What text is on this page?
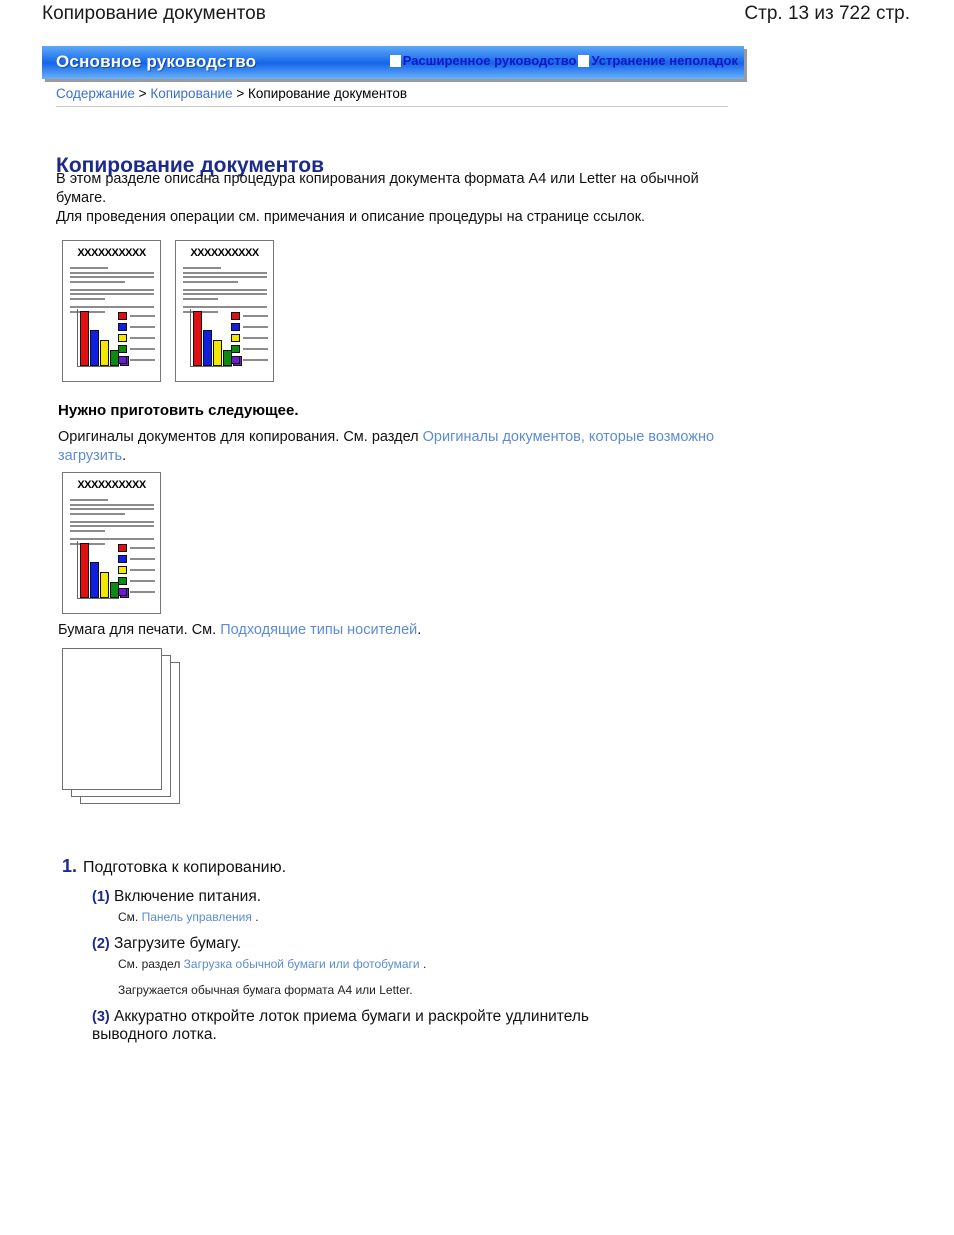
Копирование документов	Стр. 13 из 722 стр.
Основное руководство	Расширенное руководство Устранение неполадок
Содержание > Копирование > Копирование документов
Копирование документов
В этом разделе описана процедура копирования документа формата A4 или Letter на обычной бумаге.
Для проведения операции см. примечания и описание процедуры на странице ссылок.
XXXXXXXXXX	XXXXXXXXXX
Нужно приготовить следующее.
Оригиналы документов для копирования. См. раздел Оригиналы документов, которые возможно загрузить.
XXXXXXXXXX
Бумага для печати. См. Подходящие типы носителей.
1. Подготовка к копированию.
(1) Включение питания.
См. Панель управления .
(2) Загрузите бумагу.
См. раздел Загрузка обычной бумаги или фотобумаги .
Загружается обычная бумага формата A4 или Letter.
(3) Аккуратно откройте лоток приема бумаги и раскройте удлинитель выводного лотка.
